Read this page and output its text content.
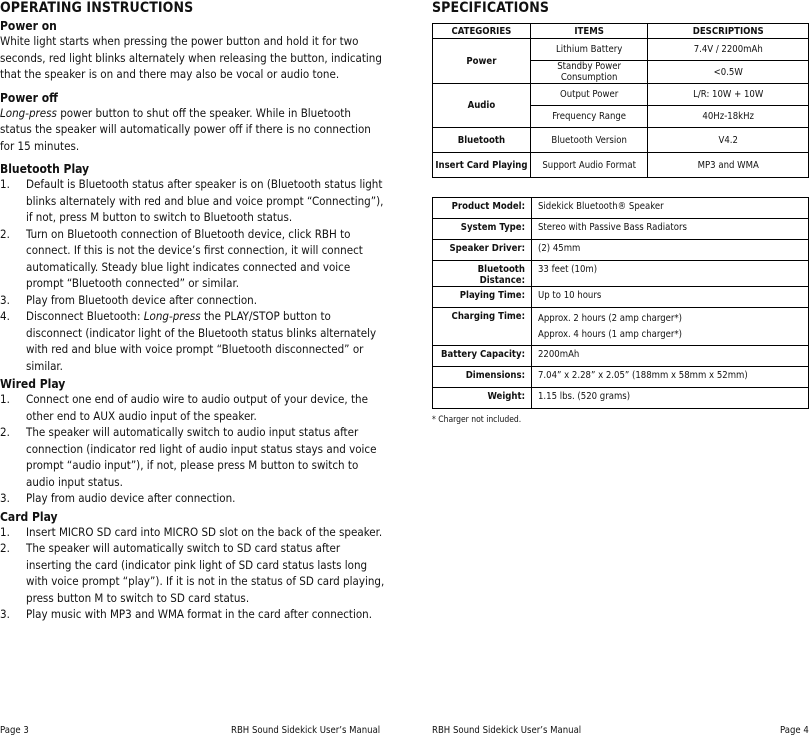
OPERATING INSTRUCTIONS
Power on

White light starts when pressing the power button and hold it for two seconds, red light blinks alternately when releasing the button, indicating that the speaker is on and there may also be vocal or audio tone.

Power off

Long-press power button to shut off the speaker. While in Bluetooth status the speaker will automatically power off if there is no connection for 15 minutes.

Bluetooth Play
1. Default is Bluetooth status after speaker is on (Bluetooth status light blinks alternately with red and blue and voice prompt “Connecting”), if not, press M button to switch to Bluetooth status.
2. Turn on Bluetooth connection of Bluetooth device, click RBH to connect. If this is not the device’s first connection, it will connect automatically. Steady blue light indicates connected and voice prompt “Bluetooth connected” or similar.
3. Play from Bluetooth device after connection.
4. Disconnect Bluetooth: Long-press the PLAY/STOP button to disconnect (indicator light of the Bluetooth status blinks alternately with red and blue with voice prompt “Bluetooth disconnected” or similar.
Wired Play
1. Connect one end of audio wire to audio output of your device, the other end to AUX audio input of the speaker.
2. The speaker will automatically switch to audio input status after connection (indicator red light of audio input status stays and voice prompt “audio input”), if not, please press M button to switch to audio input status.
3. Play from audio device after connection.
Card Play
1. Insert MICRO SD card into MICRO SD slot on the back of the speaker.
2. The speaker will automatically switch to SD card status after inserting the card (indicator pink light of SD card status lasts long with voice prompt “play”). If it is not in the status of SD card playing, press button M to switch to SD card status.
3. Play music with MP3 and WMA format in the card after connection.
Page 3	RBH Sound Sidekick User’s Manual
SPECIFICATIONS
CATEGORIES	ITEMS	DESCRIPTIONS
Power	Lithium Battery	7.4V / 2200mAh
	Standby Power Consumption	<0.5W
Audio	Output Power	L/R: 10W + 10W
	Frequency Range	40Hz-18kHz
Bluetooth	Bluetooth Version	V4.2
Insert Card Playing	Support Audio Format	MP3 and WMA
Product Model:	Sidekick Bluetooth® Speaker
System Type:	Stereo with Passive Bass Radiators
Speaker Driver:	(2) 45mm
Bluetooth Distance:	33 feet (10m)
Playing Time:	Up to 10 hours
Charging Time:	Approx. 2 hours (2 amp charger*)
Approx. 4 hours (1 amp charger*)

Battery Capacity:	2200mAh
Dimensions:	7.04” x 2.28” x 2.05” (188mm x 58mm x 52mm)
Weight:	1.15 lbs. (520 grams)
* Charger not included.
RBH Sound Sidekick User’s Manual	Page 4
